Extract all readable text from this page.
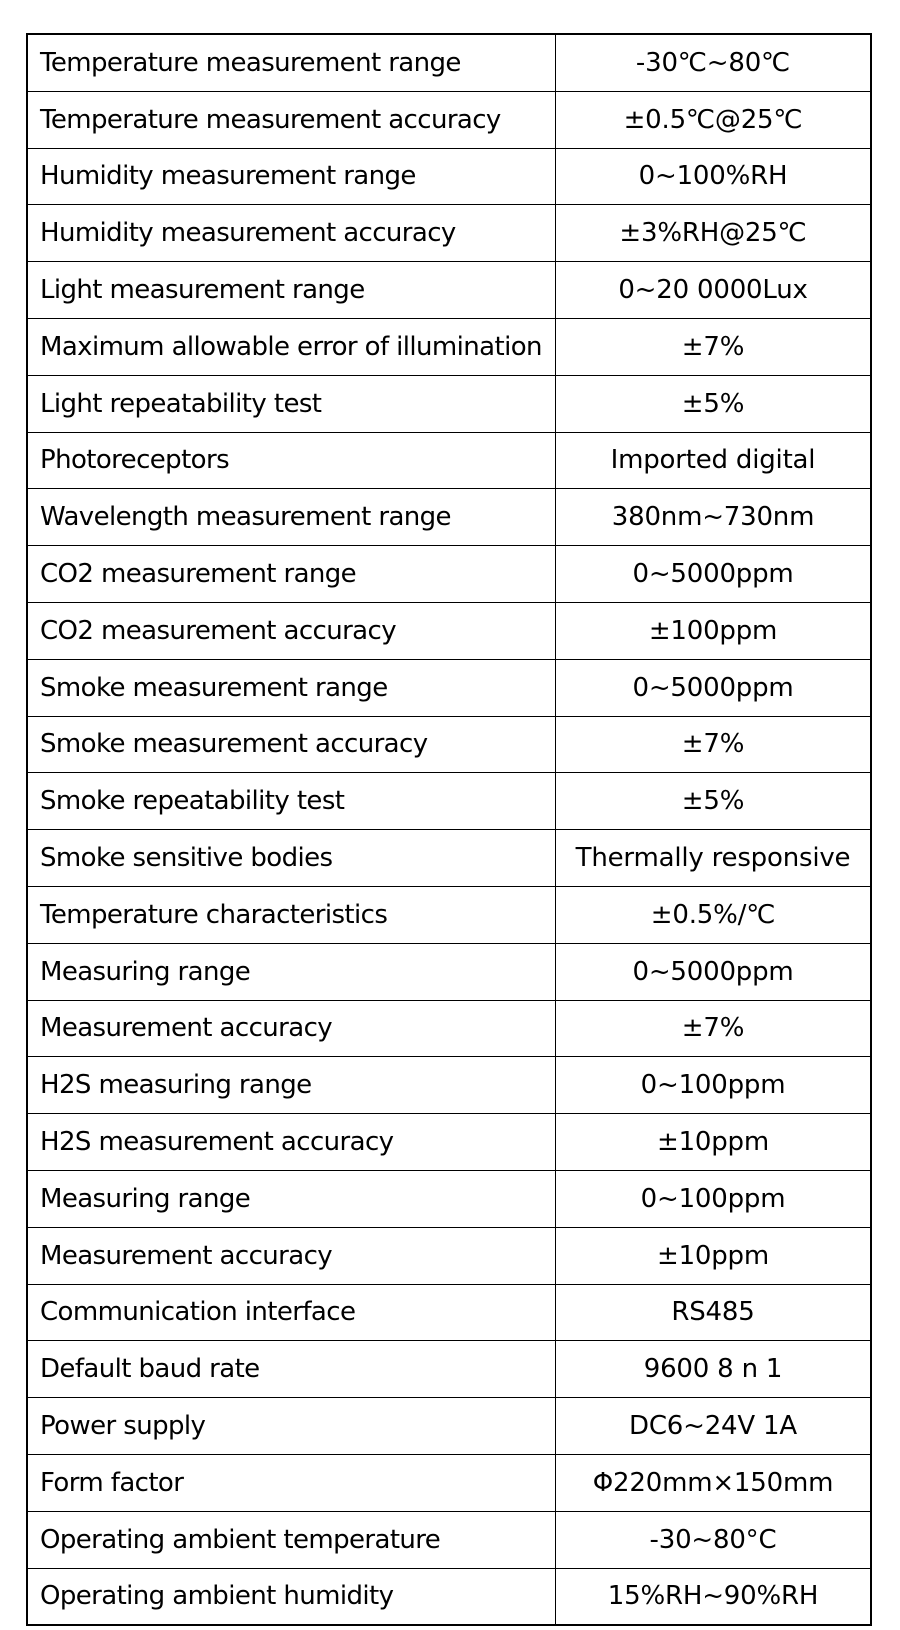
Temperature measurement range	-30℃~80℃
Temperature measurement accuracy	±0.5℃@25℃
Humidity measurement range	0~100%RH
Humidity measurement accuracy	±3%RH@25℃
Light measurement range	0~20 0000Lux
Maximum allowable error of illumination	±7%
Light repeatability test	±5%
Photoreceptors	Imported digital
Wavelength measurement range	380nm~730nm
CO2 measurement range	0~5000ppm
CO2 measurement accuracy	±100ppm
Smoke measurement range	0~5000ppm
Smoke measurement accuracy	±7%
Smoke repeatability test	±5%
Smoke sensitive bodies	Thermally responsive
Temperature characteristics	±0.5%/℃
Measuring range	0~5000ppm
Measurement accuracy	±7%
H2S measuring range	0~100ppm
H2S measurement accuracy	±10ppm
Measuring range	0~100ppm
Measurement accuracy	±10ppm
Communication interface	RS485
Default baud rate	9600 8 n 1
Power supply	DC6~24V 1A
Form factor	Φ220mm×150mm
Operating ambient temperature	-30~80°C
Operating ambient humidity	15%RH~90%RH
